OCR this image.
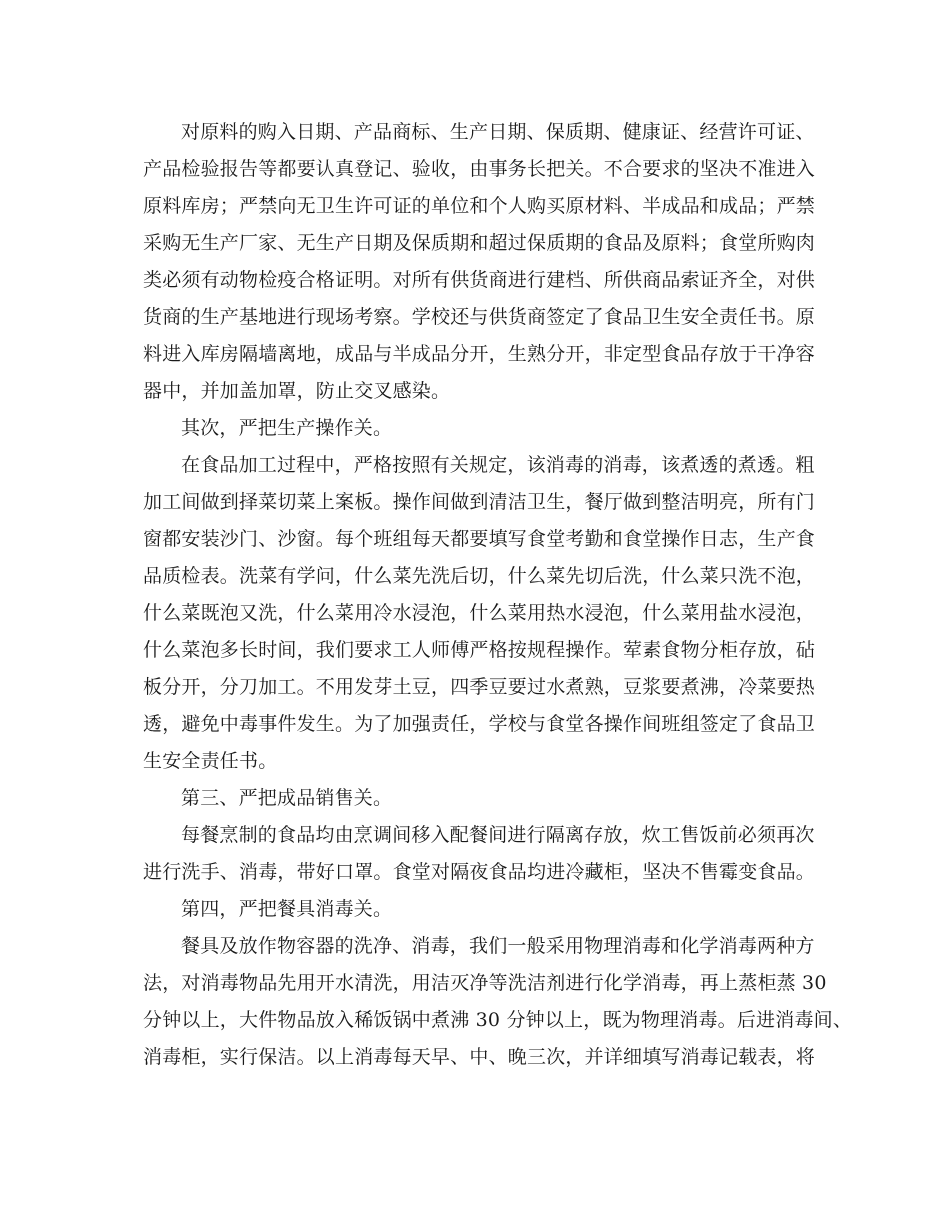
对原料的购入日期、产品商标、生产日期、保质期、健康证、经营许可证、
产品检验报告等都要认真登记、验收，由事务长把关。不合要求的坚决不准进入
原料库房；严禁向无卫生许可证的单位和个人购买原材料、半成品和成品；严禁
采购无生产厂家、无生产日期及保质期和超过保质期的食品及原料；食堂所购肉
类必须有动物检疫合格证明。对所有供货商进行建档、所供商品索证齐全，对供
货商的生产基地进行现场考察。学校还与供货商签定了食品卫生安全责任书。原
料进入库房隔墙离地，成品与半成品分开，生熟分开，非定型食品存放于干净容
器中，并加盖加罩，防止交叉感染。
其次，严把生产操作关。
在食品加工过程中，严格按照有关规定，该消毒的消毒，该煮透的煮透。粗
加工间做到择菜切菜上案板。操作间做到清洁卫生，餐厅做到整洁明亮，所有门
窗都安装沙门、沙窗。每个班组每天都要填写食堂考勤和食堂操作日志，生产食
品质检表。洗菜有学问，什么菜先洗后切，什么菜先切后洗，什么菜只洗不泡，
什么菜既泡又洗，什么菜用冷水浸泡，什么菜用热水浸泡，什么菜用盐水浸泡，
什么菜泡多长时间，我们要求工人师傅严格按规程操作。荤素食物分柜存放，砧
板分开，分刀加工。不用发芽土豆，四季豆要过水煮熟，豆浆要煮沸，冷菜要热
透，避免中毒事件发生。为了加强责任，学校与食堂各操作间班组签定了食品卫
生安全责任书。
第三、严把成品销售关。
每餐烹制的食品均由烹调间移入配餐间进行隔离存放，炊工售饭前必须再次
进行洗手、消毒，带好口罩。食堂对隔夜食品均进冷藏柜，坚决不售霉变食品。
第四，严把餐具消毒关。
餐具及放作物容器的洗净、消毒，我们一般采用物理消毒和化学消毒两种方
法，对消毒物品先用开水清洗，用洁灭净等洗洁剂进行化学消毒，再上蒸柜蒸 30
分钟以上，大件物品放入稀饭锅中煮沸 30 分钟以上，既为物理消毒。后进消毒间、
消毒柜，实行保洁。以上消毒每天早、中、晚三次，并详细填写消毒记载表，将
